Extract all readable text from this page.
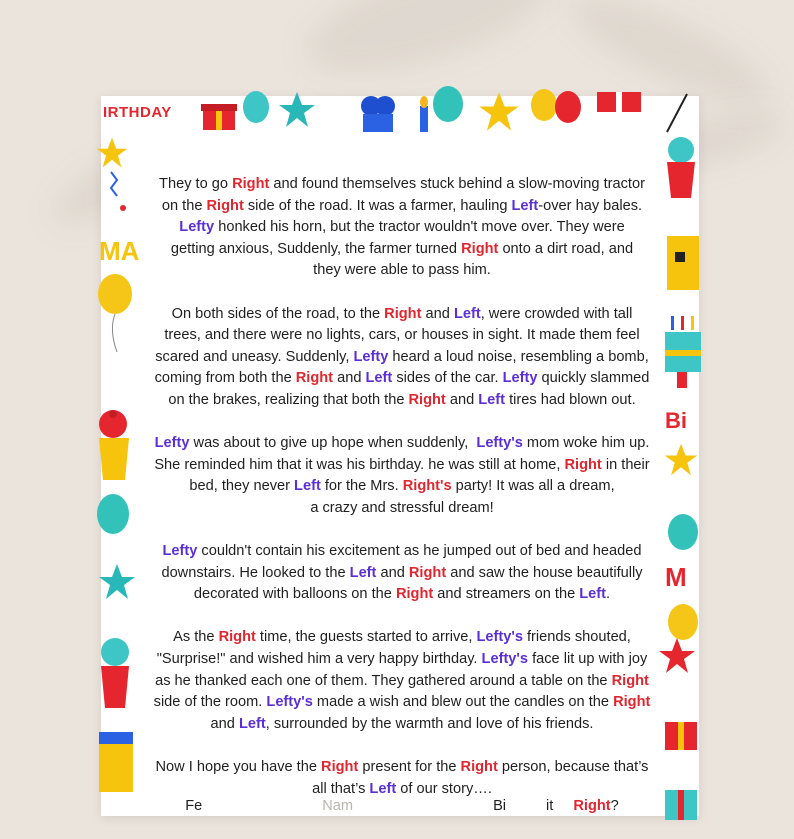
IRTHDAY
MA
Bi
M

They to go Right and found themselves stuck behind a slow-moving tractor
on the Right side of the road. It was a farmer, hauling Left-over hay bales.
Lefty honked his horn, but the tractor wouldn't move over. They were
getting anxious, Suddenly, the farmer turned Right onto a dirt road, and
they were able to pass him.

On both sides of the road, to the Right and Left, were crowded with tall
trees, and there were no lights, cars, or houses in sight. It made them feel
scared and uneasy. Suddenly, Lefty heard a loud noise, resembling a bomb,
coming from both the Right and Left sides of the car. Lefty quickly slammed
on the brakes, realizing that both the Right and Left tires had blown out.

Lefty was about to give up hope when suddenly,  Lefty's mom woke him up.
She reminded him that it was his birthday. he was still at home, Right in their
bed, they never Left for the Mrs. Right's party! It was all a dream,
a crazy and stressful dream!

Lefty couldn't contain his excitement as he jumped out of bed and headed
downstairs. He looked to the Left and Right and saw the house beautifully
decorated with balloons on the Right and streamers on the Left.

As the Right time, the guests started to arrive, Lefty's friends shouted,
"Surprise!" and wished him a very happy birthday. Lefty's face lit up with joy
as he thanked each one of them. They gathered around a table on the Right
side of the room. Lefty's made a wish and blew out the candles on the Right
and Left, surrounded by the warmth and love of his friends.

Now I hope you have the Right present for the Right person, because that’s
all that’s Left of our story….
Fe	Nam	Bi	it Right?
